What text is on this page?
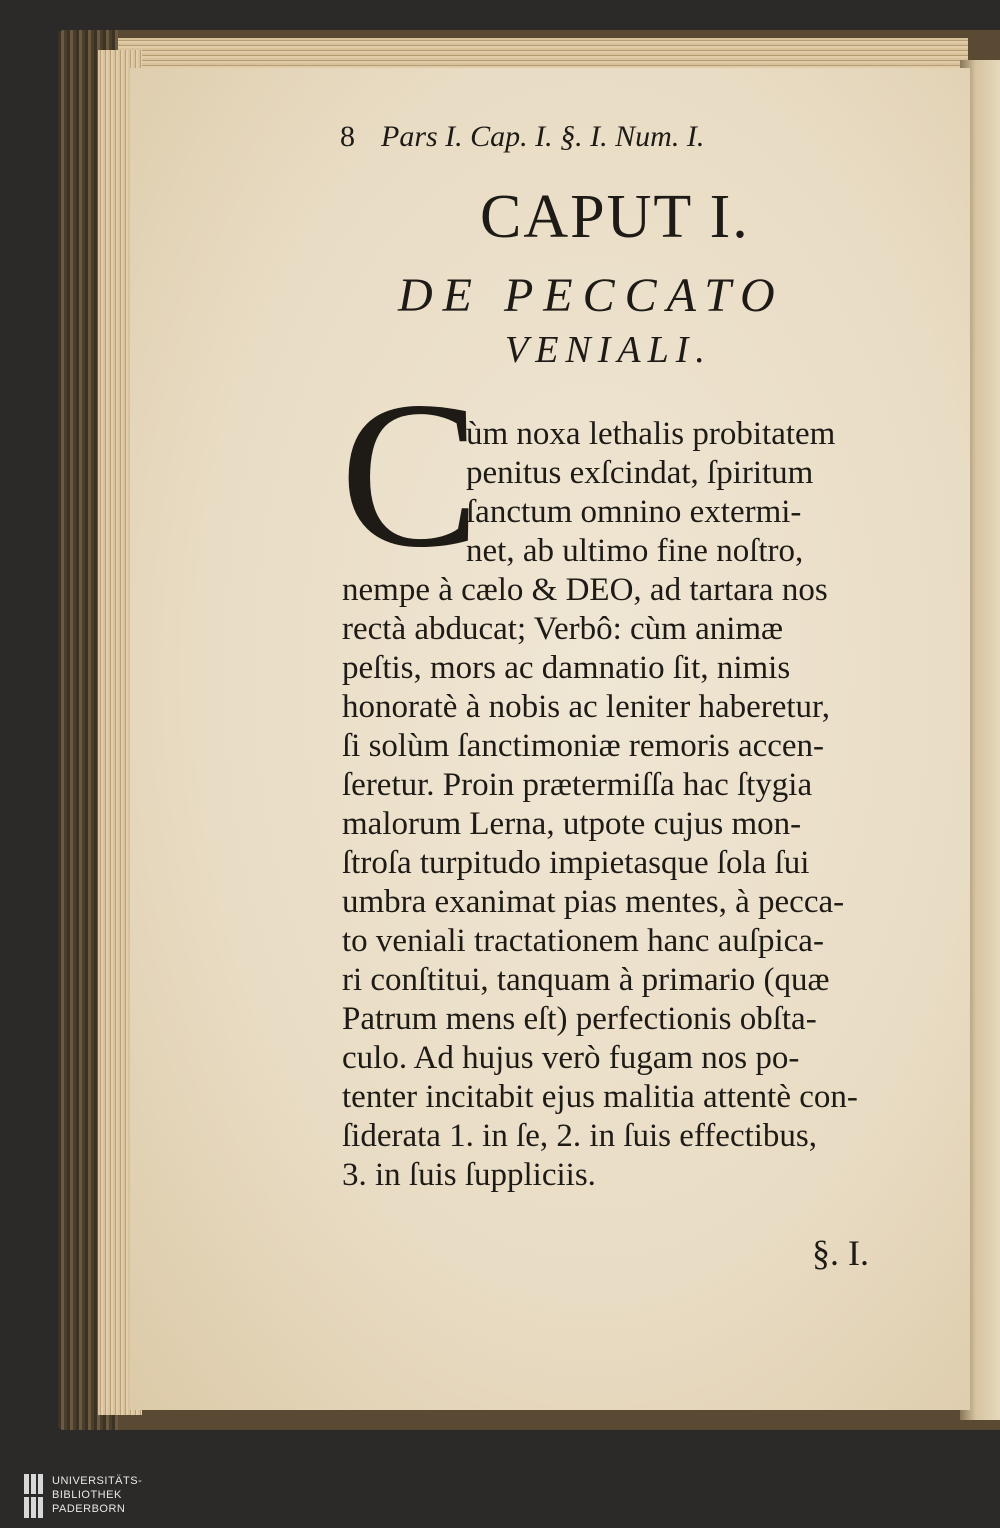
8 Pars I. Cap. I. §. I. Num. I.
CAPUT I.
DE PECCATO
VENIALI.
C
ùm noxa lethalis probitatem
penitus exſcindat, ſpiritum
ſanctum omnino extermi-
net, ab ultimo fine noſtro,
nempe à cælo & DEO, ad tartara nos
rectà abducat; Verbô: cùm animæ
peſtis, mors ac damnatio ſit, nimis
honoratè à nobis ac leniter haberetur,
ſi solùm ſanctimoniæ remoris accen-
ſeretur. Proin prætermiſſa hac ſtygia
malorum Lerna, utpote cujus mon-
ſtroſa turpitudo impietasque ſola ſui
umbra exanimat pias mentes, à pecca-
to veniali tractationem hanc auſpica-
ri conſtitui, tanquam à primario (quæ
Patrum mens eſt) perfectionis obſta-
culo. Ad hujus verò fugam nos po-
tenter incitabit ejus malitia attentè con-
ſiderata 1. in ſe, 2. in ſuis effectibus,
3. in ſuis ſuppliciis.
§. I.
UNIVERSITÄTS-
BIBLIOTHEK
PADERBORN
